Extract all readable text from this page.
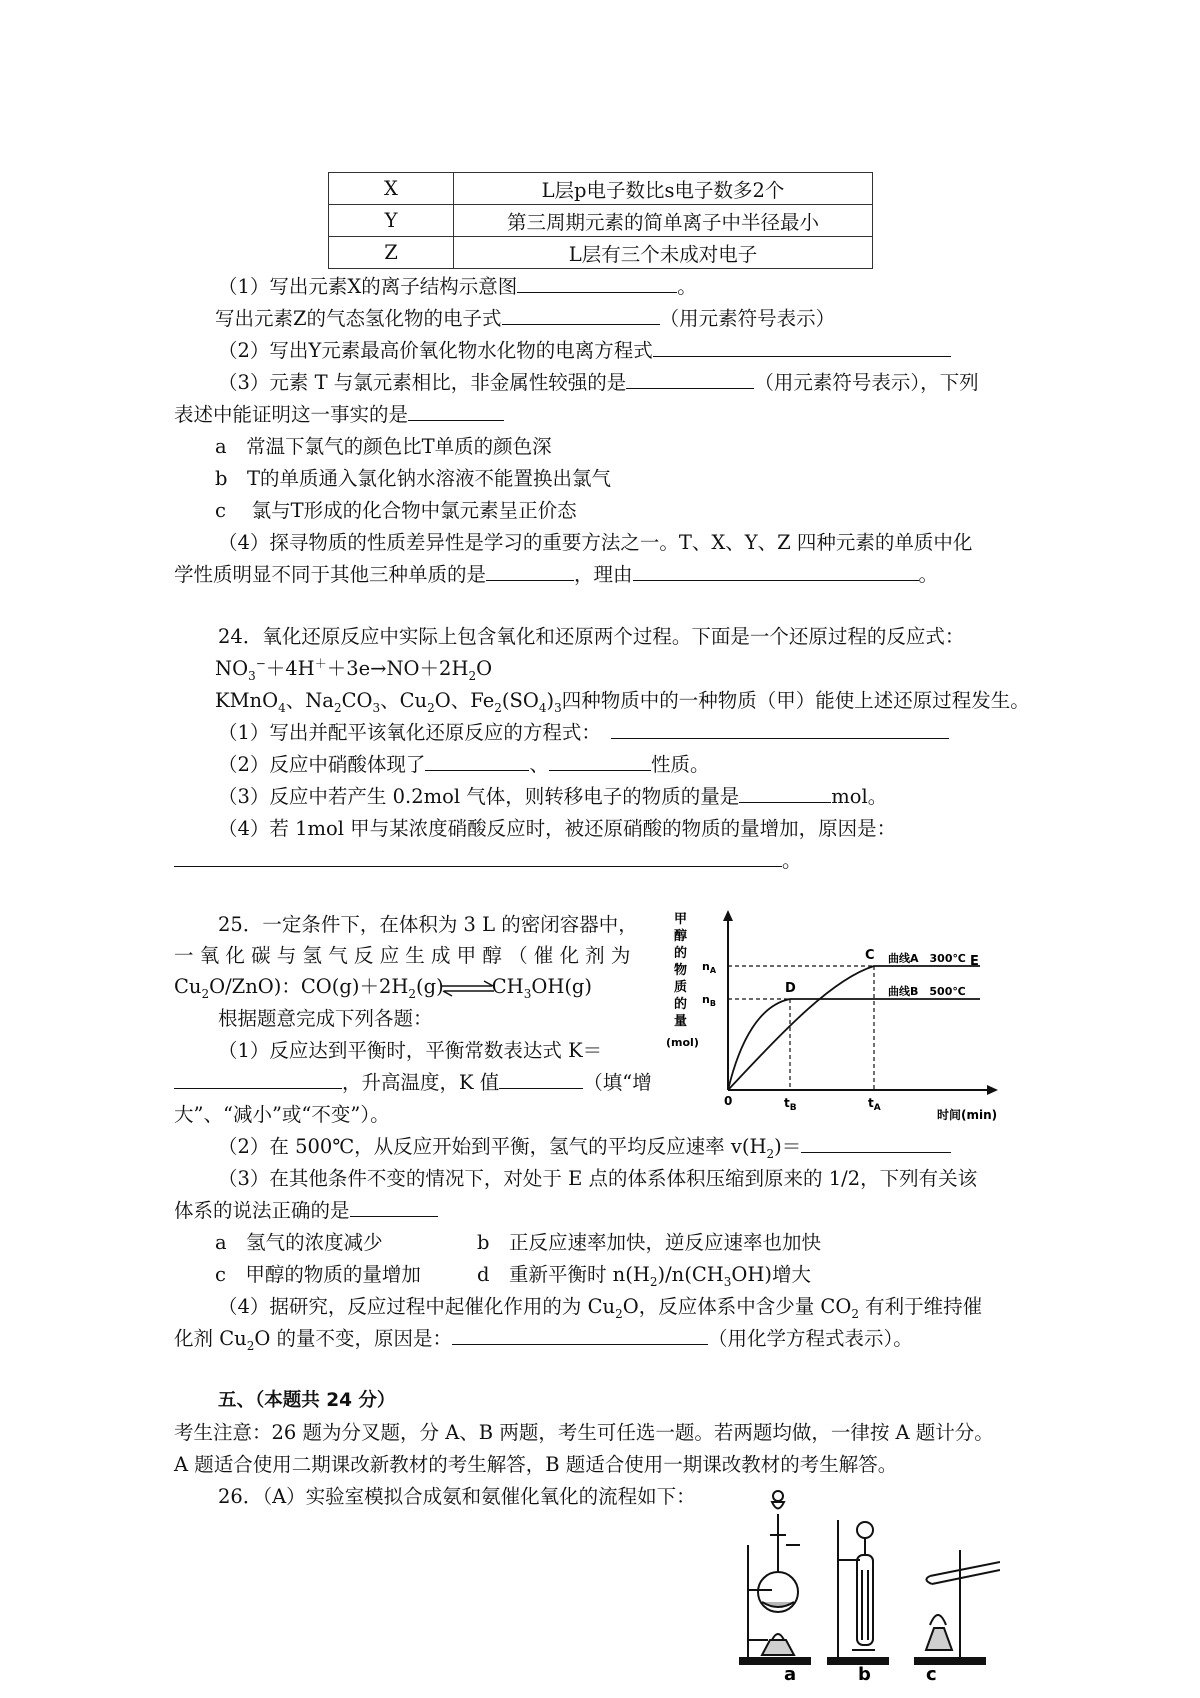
X	L层p电子数比s电子数多2个
Y	第三周期元素的简单离子中半径最小
Z	L层有三个未成对电子
（1）写出元素X的离子结构示意图	。
写出元素Z的气态氢化物的电子式	（用元素符号表示）
（2）写出Y元素最高价氧化物水化物的电离方程式
（3）元素 T 与氯元素相比，非金属性较强的是	（用元素符号表示），下列
表述中能证明这一事实的是
a　常温下氯气的颜色比T单质的颜色深
b　T的单质通入氯化钠水溶液不能置换出氯气
c　 氯与T形成的化合物中氯元素呈正价态
（4）探寻物质的性质差异性是学习的重要方法之一。T、X、Y、Z 四种元素的单质中化
学性质明显不同于其他三种单质的是	，理由	。
24．氧化还原反应中实际上包含氧化和还原两个过程。下面是一个还原过程的反应式：
$NO_3^-+4H^++3e\to NO+2H_2O$
KMnO$_4$、$Na_2CO_3$、$Cu_2O$、$Fe_2(SO_4)_3$四种物质中的一种物质（甲）能使上述还原过程发生。
（1）写出并配平该氧化还原反应的方程式：
（2）反应中硝酸体现了	、	性质。
（3）反应中若产生 0.2mol 气体，则转移电子的物质的量是	mol。
（4）若 1mol 甲与某浓度硝酸反应时，被还原硝酸的物质的量增加，原因是：
。
25．一定条件下，在体积为 3 L 的密闭容器中，
一 氧 化 碳 与 氢 气 反 应 生 成 甲 醇 （ 催 化 剂 为
$Cu_2O/ZnO$)：$CO(g)+2H_2(g)$ $CH_3OH(g)$
根据题意完成下列各题：
（1）反应达到平衡时，平衡常数表达式 K＝
，升高温度，K 值	（填“增
大”、“减小”或“不变”）。
（2）在 500℃，从反应开始到平衡，氢气的平均反应速率 $v(H_2)=$
（3）在其他条件不变的情况下，对处于 E 点的体系体积压缩到原来的 1/2，下列有关该
体系的说法正确的是
a　氢气的浓度减少	b　正反应速率加快，逆反应速率也加快
c　甲醇的物质的量增加	d　重新平衡时 $n(H_2)/n(CH_3OH)$增大
（4）据研究，反应过程中起催化作用的为 $Cu_2O$，反应体系中含少量 $CO_2$ 有利于维持催
化剂 $Cu_2O$ 的量不变，原因是：	（用化学方程式表示）。
甲
醇
的
物
质
的
量
(mol)
C
D
E
曲线A　300℃
曲线B　500℃
$n_A$
$n_B$
0	$t_B$	$t_A$	时间(min)
五、（本题共 24 分）
考生注意：26 题为分叉题，分 A、B 两题，考生可任选一题。若两题均做，一律按 A 题计分。
A 题适合使用二期课改新教材的考生解答，B 题适合使用一期课改教材的考生解答。
26．（A）实验室模拟合成氨和氨催化氧化的流程如下：
a	b	c
